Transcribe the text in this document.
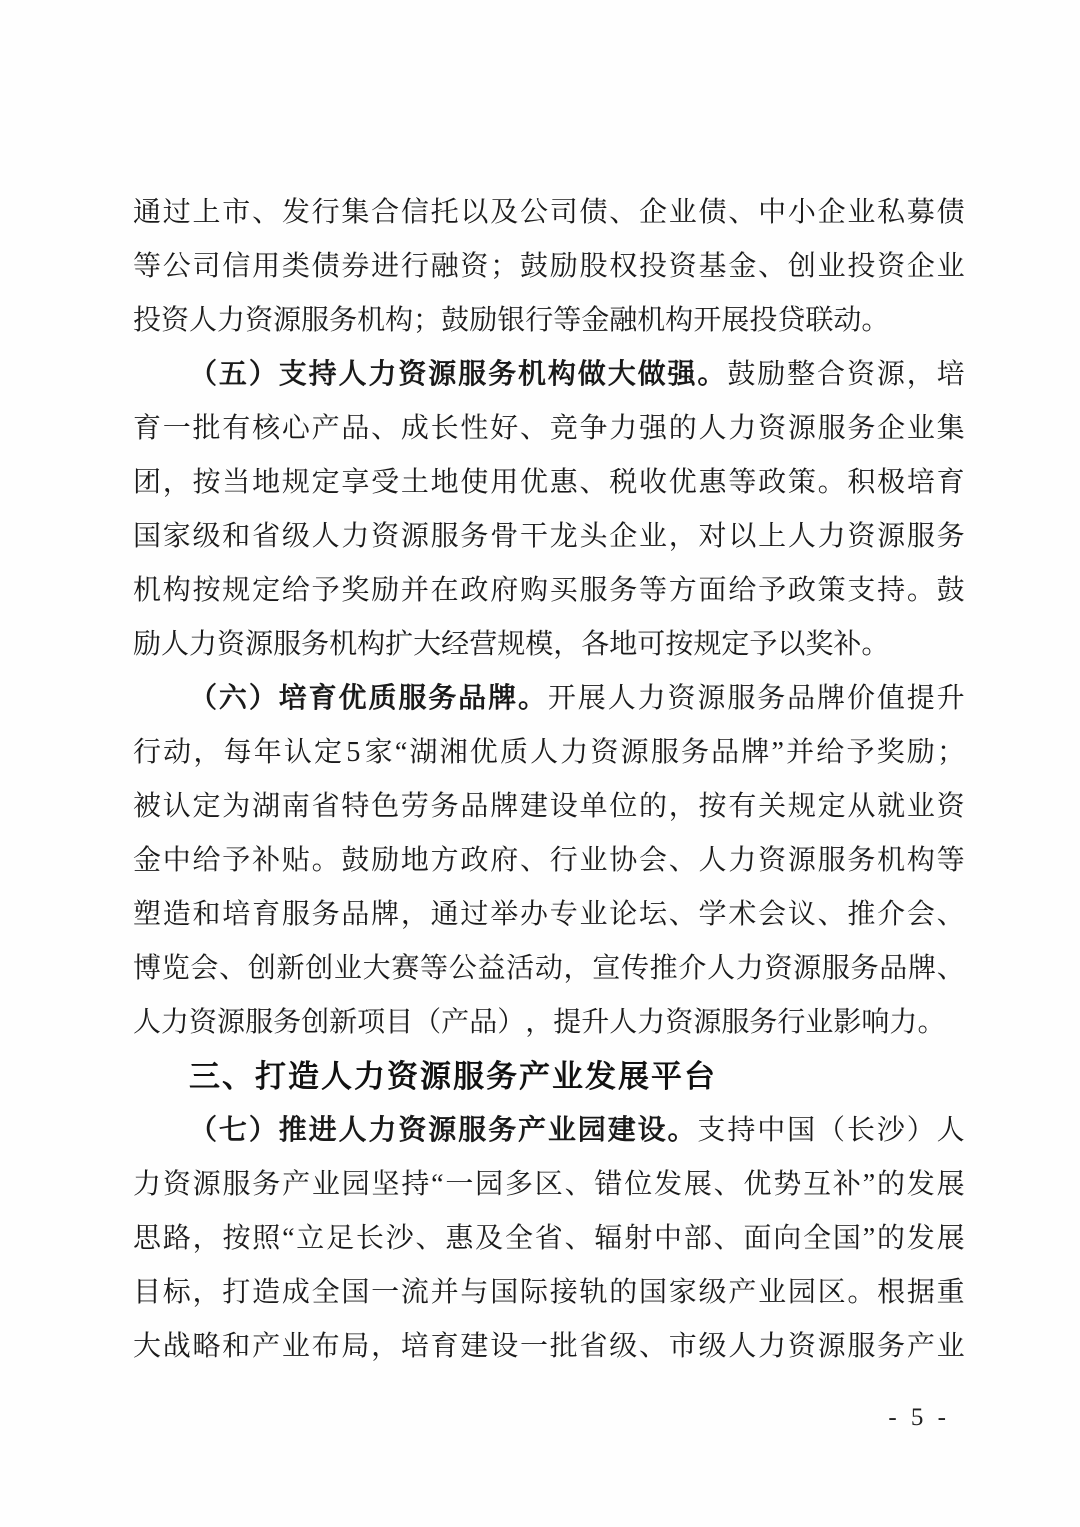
通 过 上 市 、 发 行 集 合 信 托 以 及 公 司 债 、 企 业 债 、 中 小 企 业 私 募 债
等 公 司 信 用 类 债 券 进 行 融 资 ； 鼓 励 股 权 投 资 基 金 、 创 业 投 资 企 业
投 资 人 力 资 源 服 务 机 构 ； 鼓 励 银 行 等 金 融 机 构 开 展 投 贷 联 动 。
（ 五 ） 支 持 人 力 资 源 服 务 机 构 做 大 做 强 。 鼓 励 整 合 资 源 ， 培
育 一 批 有 核 心 产 品 、 成 长 性 好 、 竞 争 力 强 的 人 力 资 源 服 务 企 业 集
团 ， 按 当 地 规 定 享 受 土 地 使 用 优 惠 、 税 收 优 惠 等 政 策 。 积 极 培 育
国 家 级 和 省 级 人 力 资 源 服 务 骨 干 龙 头 企 业 ， 对 以 上 人 力 资 源 服 务
机 构 按 规 定 给 予 奖 励 并 在 政 府 购 买 服 务 等 方 面 给 予 政 策 支 持 。 鼓
励 人 力 资 源 服 务 机 构 扩 大 经 营 规 模 ， 各 地 可 按 规 定 予 以 奖 补 。
（ 六 ） 培 育 优 质 服 务 品 牌 。 开 展 人 力 资 源 服 务 品 牌 价 值 提 升
行 动 ， 每 年 认 定 5 家 “ 湖 湘 优 质 人 力 资 源 服 务 品 牌 ” 并 给 予 奖 励 ；
被 认 定 为 湖 南 省 特 色 劳 务 品 牌 建 设 单 位 的 ， 按 有 关 规 定 从 就 业 资
金 中 给 予 补 贴 。 鼓 励 地 方 政 府 、 行 业 协 会 、 人 力 资 源 服 务 机 构 等
塑 造 和 培 育 服 务 品 牌 ， 通 过 举 办 专 业 论 坛 、 学 术 会 议 、 推 介 会 、
博 览 会 、 创 新 创 业 大 赛 等 公 益 活 动 ， 宣 传 推 介 人 力 资 源 服 务 品 牌 、
人 力 资 源 服 务 创 新 项 目 （ 产 品 ） ， 提 升 人 力 资 源 服 务 行 业 影 响 力 。
三、打造人力资源服务产业发展平台
（ 七 ） 推 进 人 力 资 源 服 务 产 业 园 建 设 。 支 持 中 国 （ 长 沙 ） 人
力 资 源 服 务 产 业 园 坚 持 “ 一 园 多 区 、 错 位 发 展 、 优 势 互 补 ” 的 发 展
思 路 ， 按 照 “ 立 足 长 沙 、 惠 及 全 省 、 辐 射 中 部 、 面 向 全 国 ” 的 发 展
目 标 ， 打 造 成 全 国 一 流 并 与 国 际 接 轨 的 国 家 级 产 业 园 区 。 根 据 重
大 战 略 和 产 业 布 局 ， 培 育 建 设 一 批 省 级 、 市 级 人 力 资 源 服 务 产 业
- 5 -
